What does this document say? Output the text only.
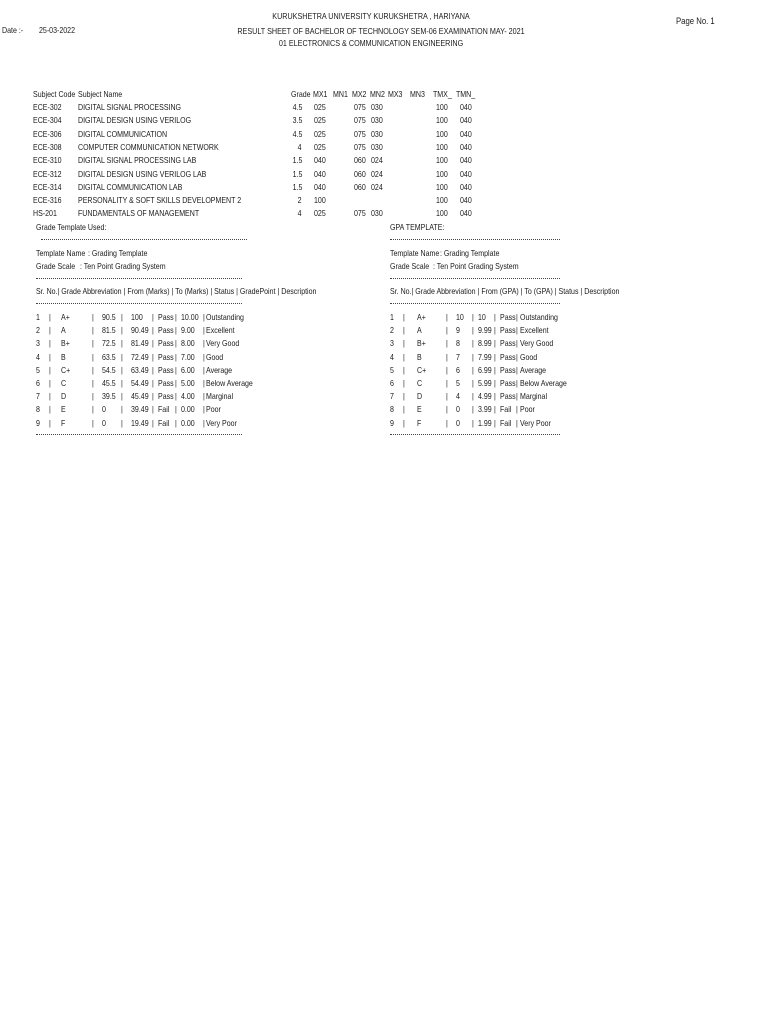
Date :- 25-03-2022
KURUKSHETRA UNIVERSITY KURUKSHETRA , HARIYANA
RESULT SHEET OF BACHELOR OF TECHNOLOGY SEM-06 EXAMINATION MAY- 2021
01 ELECTRONICS & COMMUNICATION ENGINEERING
Page No. 1
Subject Code Subject Name	Grade MX1 MN1 MX2 MN2 MX3 MN3 TMX_ TMN_
ECE-302 DIGITAL SIGNAL PROCESSING	4.5 025	075 030	100 040
ECE-304 DIGITAL DESIGN USING VERILOG	3.5 025	075 030	100 040
ECE-306 DIGITAL COMMUNICATION	4.5 025	075 030	100 040
ECE-308 COMPUTER COMMUNICATION NETWORK	4 025	075 030	100 040
ECE-310 DIGITAL SIGNAL PROCESSING LAB	1.5 040	060 024	100 040
ECE-312 DIGITAL DESIGN USING VERILOG LAB	1.5 040	060 024	100 040
ECE-314 DIGITAL COMMUNICATION LAB	1.5 040	060 024	100 040
ECE-316 PERSONALITY & SOFT SKILLS DEVELOPMENT 2	2 100	100 040
HS-201	FUNDAMENTALS OF MANAGEMENT	4 025	075 030	100 040
Grade Template Used:
Template Name : Grading Template
Grade Scale : Ten Point Grading System
Sr. No.| Grade Abbreviation | From (Marks) | To (Marks) | Status | GradePoint | Description
1 | A+	| 90.5 | 100 | Pass | 10.00 | Outstanding
2 | A	| 81.5 | 90.49 | Pass | 9.00 | Excellent
3 | B+	| 72.5 | 81.49 | Pass | 8.00 | Very Good
4 | B	| 63.5 | 72.49 | Pass | 7.00 | Good
5 | C+	| 54.5 | 63.49 | Pass | 6.00 | Average
6 | C	| 45.5 | 54.49 | Pass | 5.00 | Below Average
7 | D	| 39.5 | 45.49 | Pass | 4.00 | Marginal
8 | E	| 0 | 39.49 | Fail | 0.00 | Poor
9 | F	| 0 | 19.49 | Fail | 0.00 | Very Poor
GPA TEMPLATE:
Template Name : Grading Template
Grade Scale : Ten Point Grading System
Sr. No.| Grade Abbreviation | From (GPA) | To (GPA) | Status | Description
1 | A+ | 10 | 10 | Pass | Outstanding
2 | A	| 9 | 9.99 | Pass | Excellent
3 | B+ | 8 | 8.99 | Pass | Very Good
4 | B	| 7 | 7.99 | Pass | Good
5 | C+ | 6 | 6.99 | Pass | Average
6 | C	| 5 | 5.99 | Pass | Below Average
7 | D	| 4 | 4.99 | Pass | Marginal
8 | E	| 0 | 3.99 | Fail | Poor
9 | F	| 0 | 1.99 | Fail | Very Poor
